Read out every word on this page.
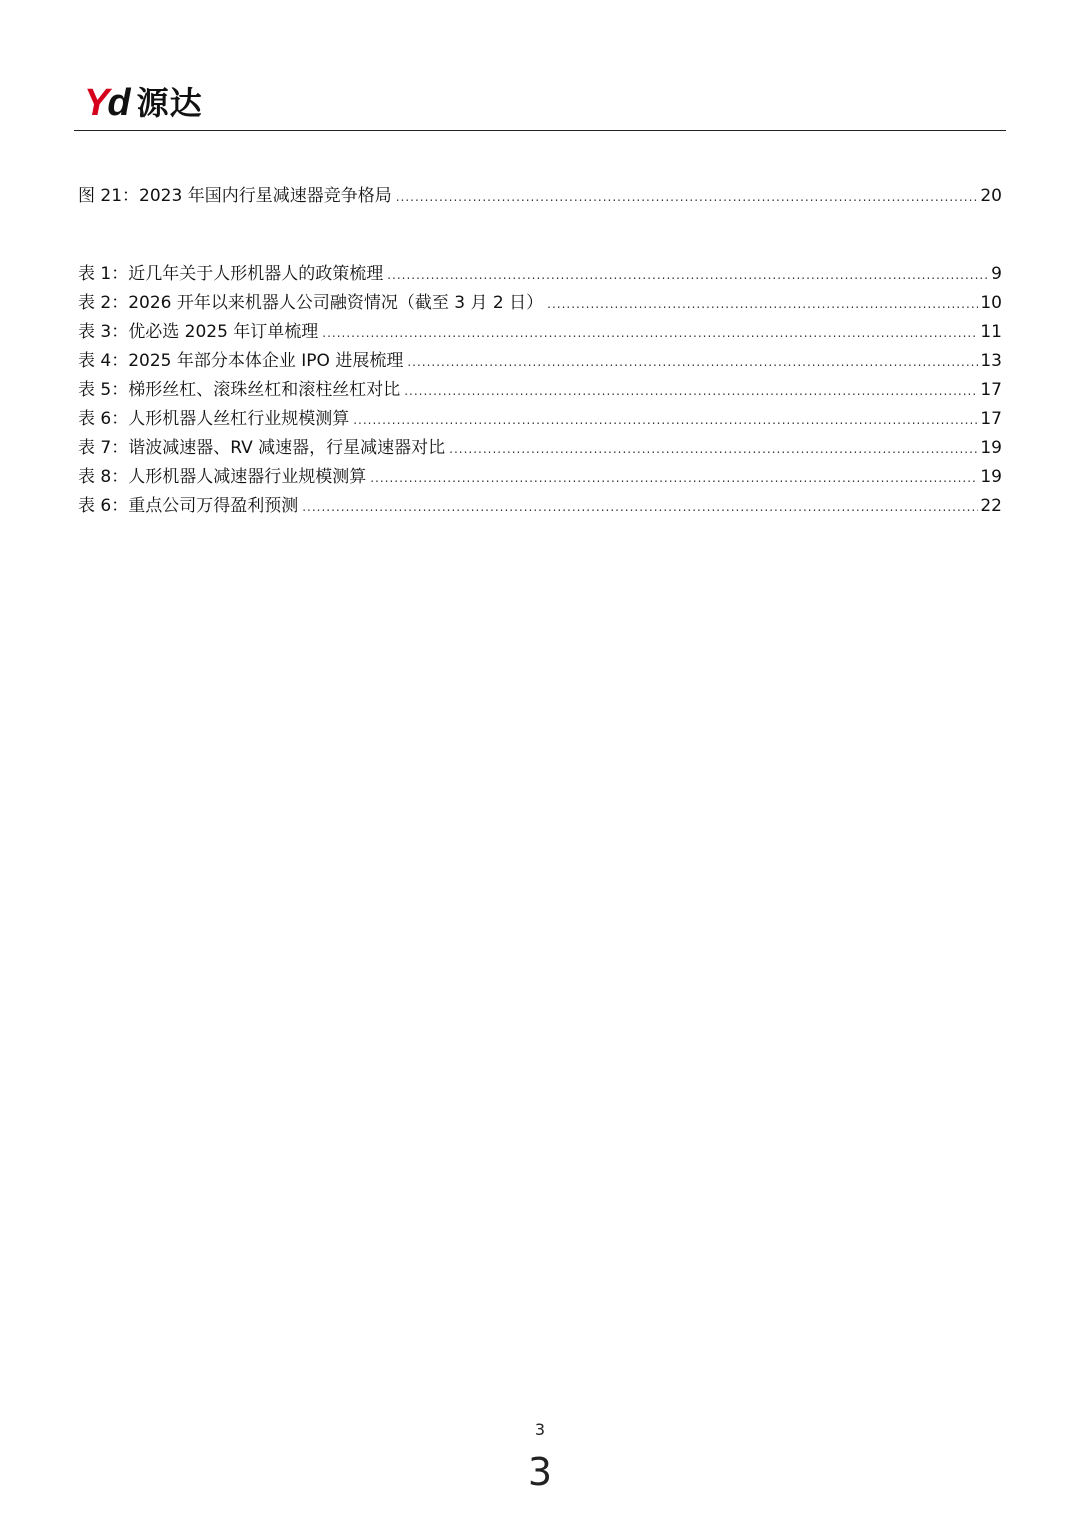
Y d 源达
图 21：2023 年国内行星减速器竞争格局 .....	20
表 1：近几年关于人形机器人的政策梳理 .....	9
表 2：2026 开年以来机器人公司融资情况（截至 3 月 2 日） .....	10
表 3：优必选 2025 年订单梳理 .....	11
表 4：2025 年部分本体企业 IPO 进展梳理 .....	13
表 5：梯形丝杠、滚珠丝杠和滚柱丝杠对比 .....	17
表 6：人形机器人丝杠行业规模测算 .....	17
表 7：谐波减速器、RV 减速器，行星减速器对比 .....	19
表 8：人形机器人减速器行业规模测算 .....	19
表 6：重点公司万得盈利预测 .....	22
3
3
